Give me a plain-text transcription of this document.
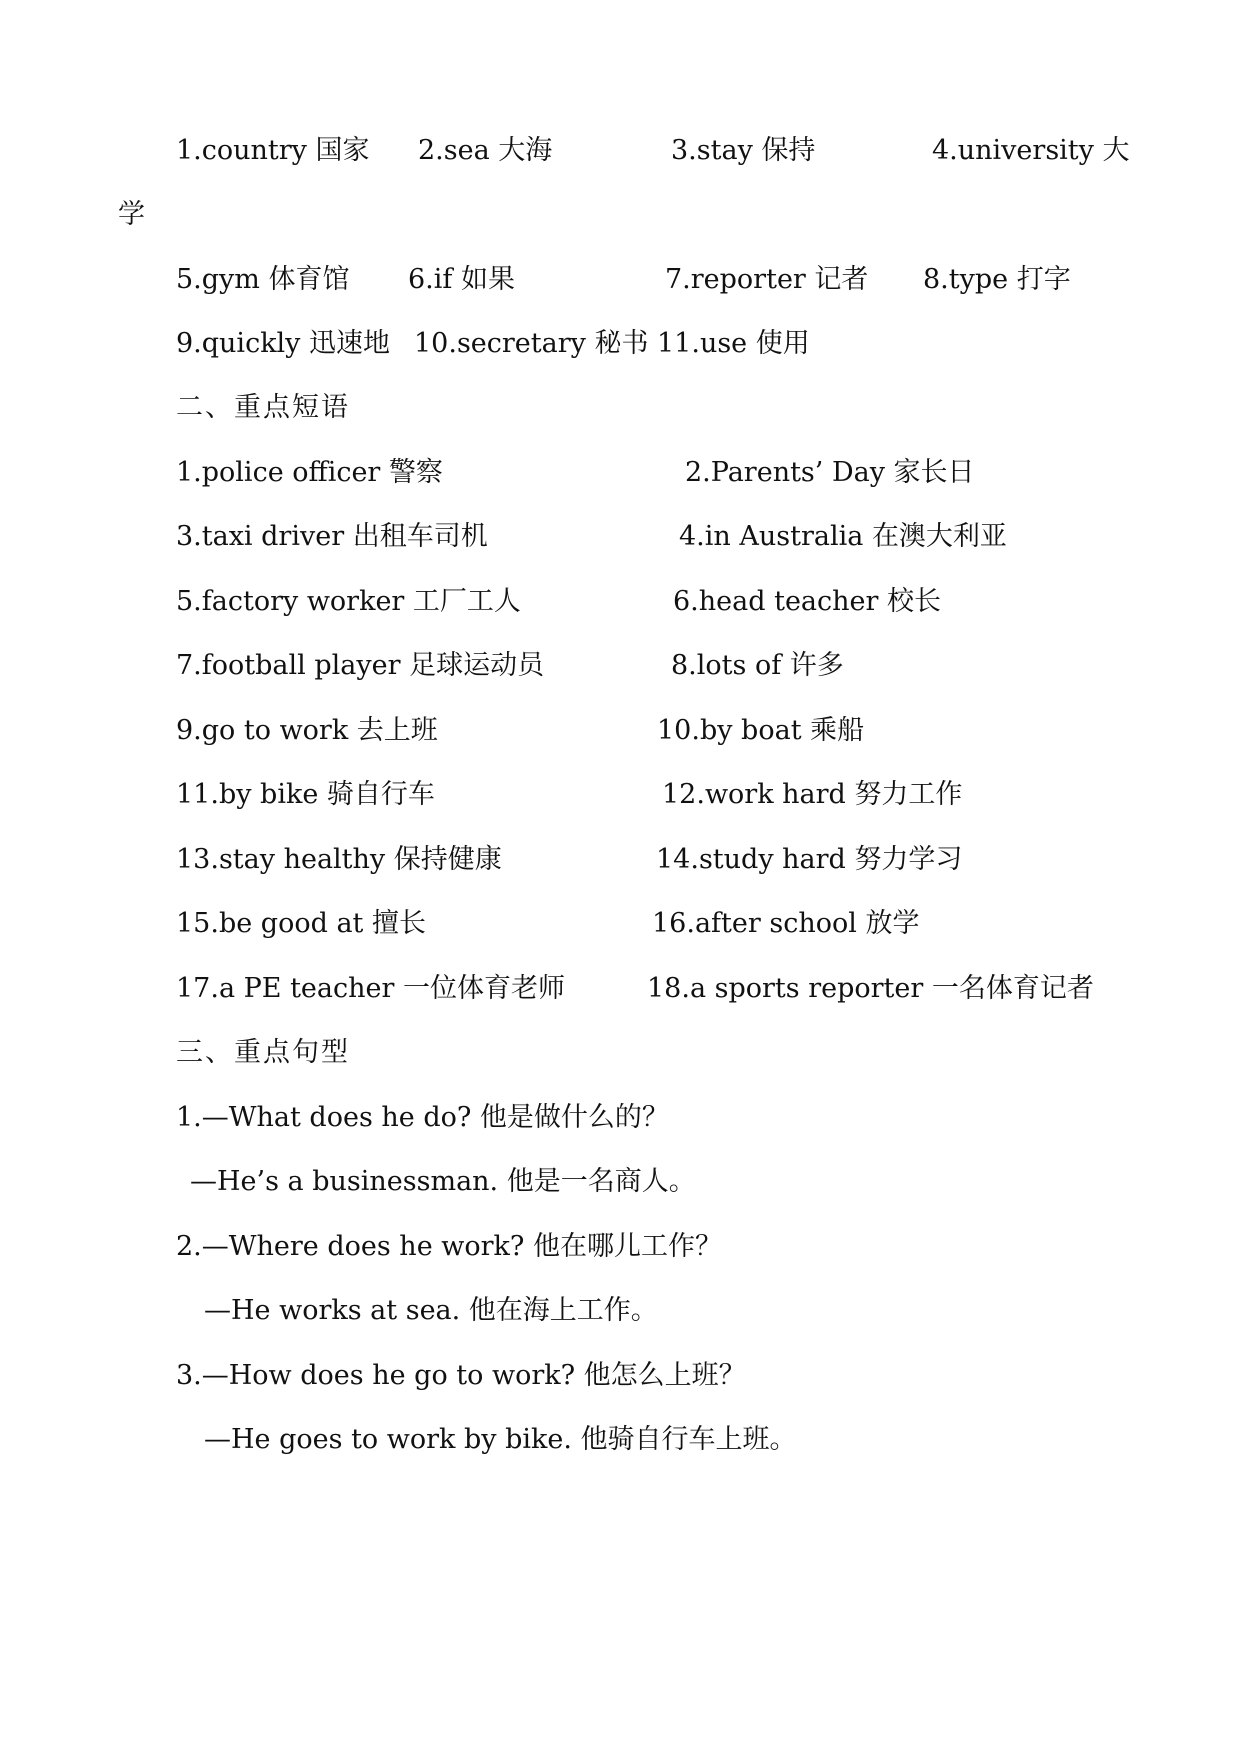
1.country 国家 2.sea 大海	3.stay 保持	4.university 大
学
5.gym 体育馆 6.if 如果	7.reporter 记者 8.type 打字
9.quickly 迅速地 10.secretary 秘书 11.use 使用
二、重点短语
1.police officer 警察	2.Parents’ Day 家长日
3.taxi driver 出租车司机	4.in Australia 在澳大利亚
5.factory worker 工厂工人	6.head teacher 校长
7.football player 足球运动员	8.lots of 许多
9.go to work 去上班	10.by boat 乘船
11.by bike 骑自行车	12.work hard 努力工作
13.stay healthy 保持健康	14.study hard 努力学习
15.be good at 擅长	16.after school 放学
17.a PE teacher 一位体育老师	18.a sports reporter 一名体育记者
三、重点句型
1.—What does he do? 他是做什么的？
—He’s a businessman. 他是一名商人。
2.—Where does he work? 他在哪儿工作？
—He works at sea. 他在海上工作。
3.—How does he go to work? 他怎么上班？
—He goes to work by bike. 他骑自行车上班。
